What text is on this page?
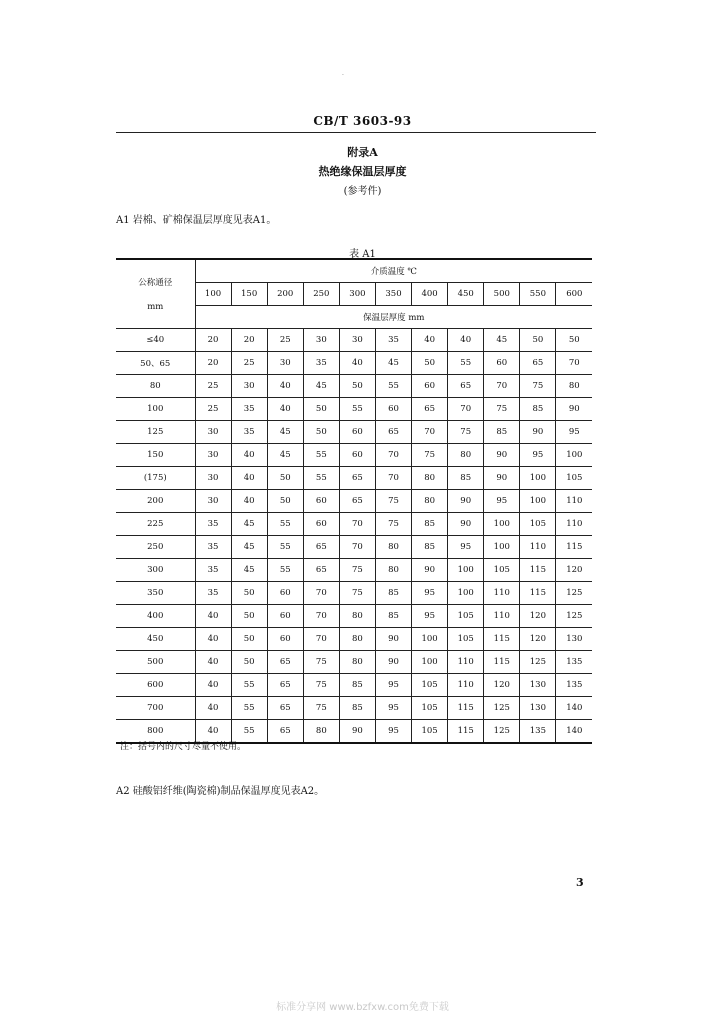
·
CB/T 3603-93
附录A
热绝缘保温层厚度
(参考件)
A1 岩棉、矿棉保温层厚度见表A1。
表 A1
公称通径
mm	介质温度 ℃										
	100	150	200	250	300	350	400	450	500	550	600
	保温层厚度 mm										
≤40	20	20	25	30	30	35	40	40	45	50	50
50、65	20	25	30	35	40	45	50	55	60	65	70
80	25	30	40	45	50	55	60	65	70	75	80
100	25	35	40	50	55	60	65	70	75	85	90
125	30	35	45	50	60	65	70	75	85	90	95
150	30	40	45	55	60	70	75	80	90	95	100
(175)	30	40	50	55	65	70	80	85	90	100	105
200	30	40	50	60	65	75	80	90	95	100	110
225	35	45	55	60	70	75	85	90	100	105	110
250	35	45	55	65	70	80	85	95	100	110	115
300	35	45	55	65	75	80	90	100	105	115	120
350	35	50	60	70	75	85	95	100	110	115	125
400	40	50	60	70	80	85	95	105	110	120	125
450	40	50	60	70	80	90	100	105	115	120	130
500	40	50	65	75	80	90	100	110	115	125	135
600	40	55	65	75	85	95	105	110	120	130	135
700	40	55	65	75	85	95	105	115	125	130	140
800	40	55	65	80	90	95	105	115	125	135	140
注：括号内的尺寸尽量不使用。
A2 硅酸铝纤维(陶瓷棉)制品保温厚度见表A2。
3
标准分享网 www.bzfxw.com免费下载
